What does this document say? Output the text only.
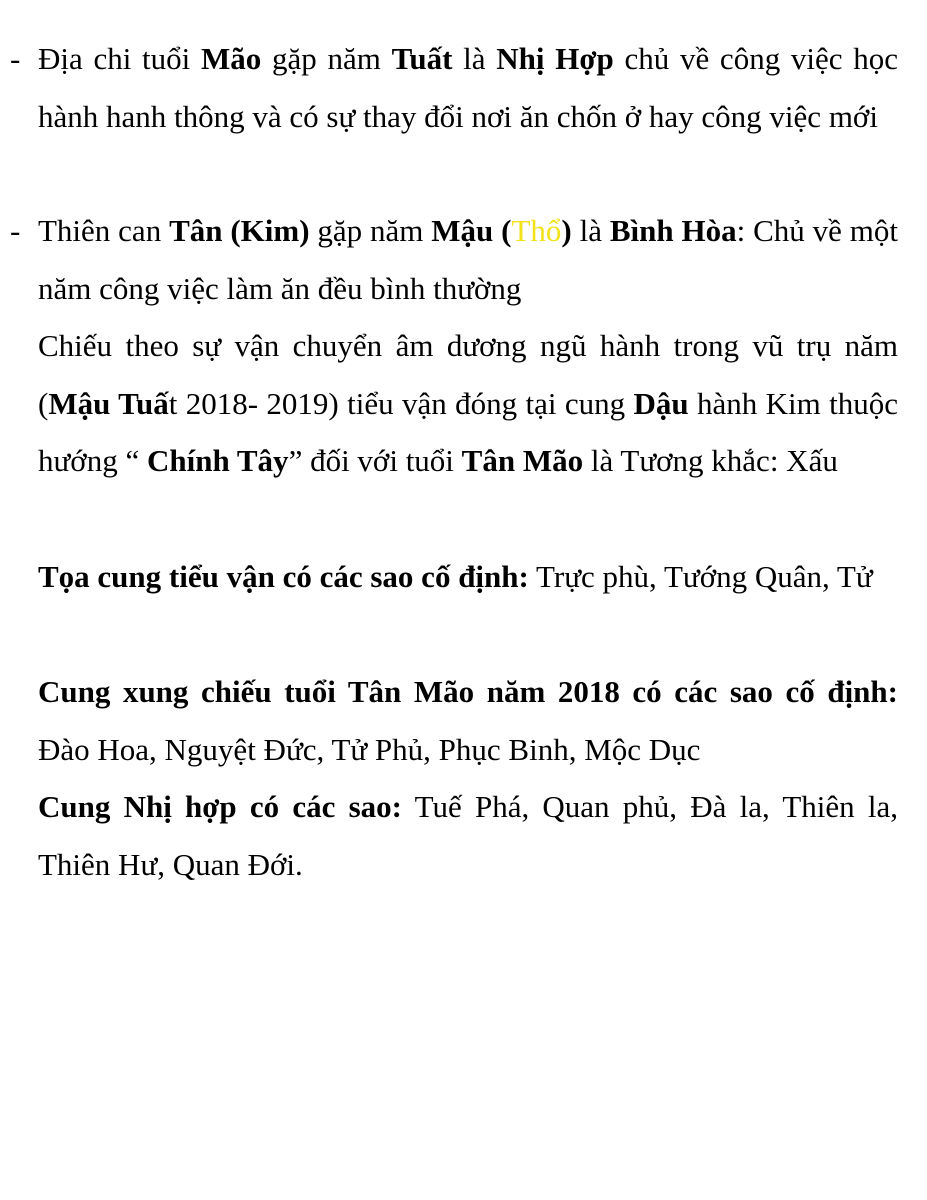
- Địa chi tuổi Mão gặp năm Tuất là Nhị Hợp chủ về công việc học hành hanh thông và có sự thay đổi nơi ăn chốn ở hay công việc mới
- Thiên can Tân (Kim) gặp năm Mậu (Thổ) là Bình Hòa: Chủ về một năm công việc làm ăn đều bình thường
Chiếu theo sự vận chuyển âm dương ngũ hành trong vũ trụ năm (Mậu Tuất 2018- 2019) tiểu vận đóng tại cung Dậu hành Kim thuộc hướng “ Chính Tây” đối với tuổi Tân Mão là Tương khắc: Xấu
Tọa cung tiểu vận có các sao cố định: Trực phù, Tướng Quân, Tử
Cung xung chiếu tuổi Tân Mão năm 2018 có các sao cố định: Đào Hoa, Nguyệt Đức, Tử Phủ, Phục Binh, Mộc Dục
Cung Nhị hợp có các sao: Tuế Phá, Quan phủ, Đà la, Thiên la, Thiên Hư, Quan Đới.
